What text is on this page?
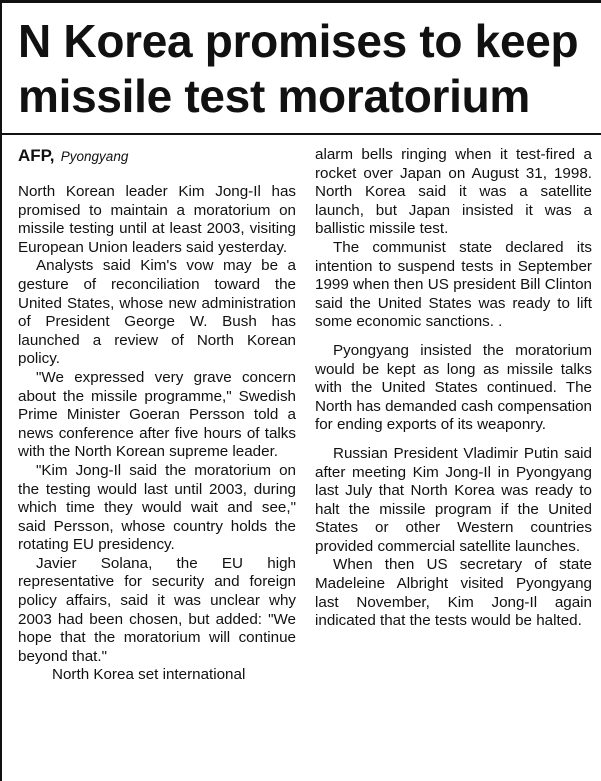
N Korea promises to keep missile test moratorium
AFP, Pyongyang

North Korean leader Kim Jong-Il has promised to maintain a moratorium on missile testing until at least 2003, visiting European Union leaders said yesterday.

Analysts said Kim's vow may be a gesture of reconciliation toward the United States, whose new administration of President George W. Bush has launched a review of North Korean policy.

"We expressed very grave concern about the missile programme," Swedish Prime Minister Goeran Persson told a news conference after five hours of talks with the North Korean supreme leader.

"Kim Jong-Il said the moratorium on the testing would last until 2003, during which time they would wait and see," said Persson, whose country holds the rotating EU presidency.

Javier Solana, the EU high representative for security and foreign policy affairs, said it was unclear why 2003 had been chosen, but added: "We hope that the moratorium will continue beyond that."

North Korea set international

alarm bells ringing when it test-fired a rocket over Japan on August 31, 1998. North Korea said it was a satellite launch, but Japan insisted it was a ballistic missile test.

The communist state declared its intention to suspend tests in September 1999 when then US president Bill Clinton said the United States was ready to lift some economic sanctions. .

Pyongyang insisted the moratorium would be kept as long as missile talks with the United States continued. The North has demanded cash compensation for ending exports of its weaponry.

Russian President Vladimir Putin said after meeting Kim Jong-Il in Pyongyang last July that North Korea was ready to halt the missile program if the United States or other Western countries provided commercial satellite launches.

When then US secretary of state Madeleine Albright visited Pyongyang last November, Kim Jong-Il again indicated that the tests would be halted.
